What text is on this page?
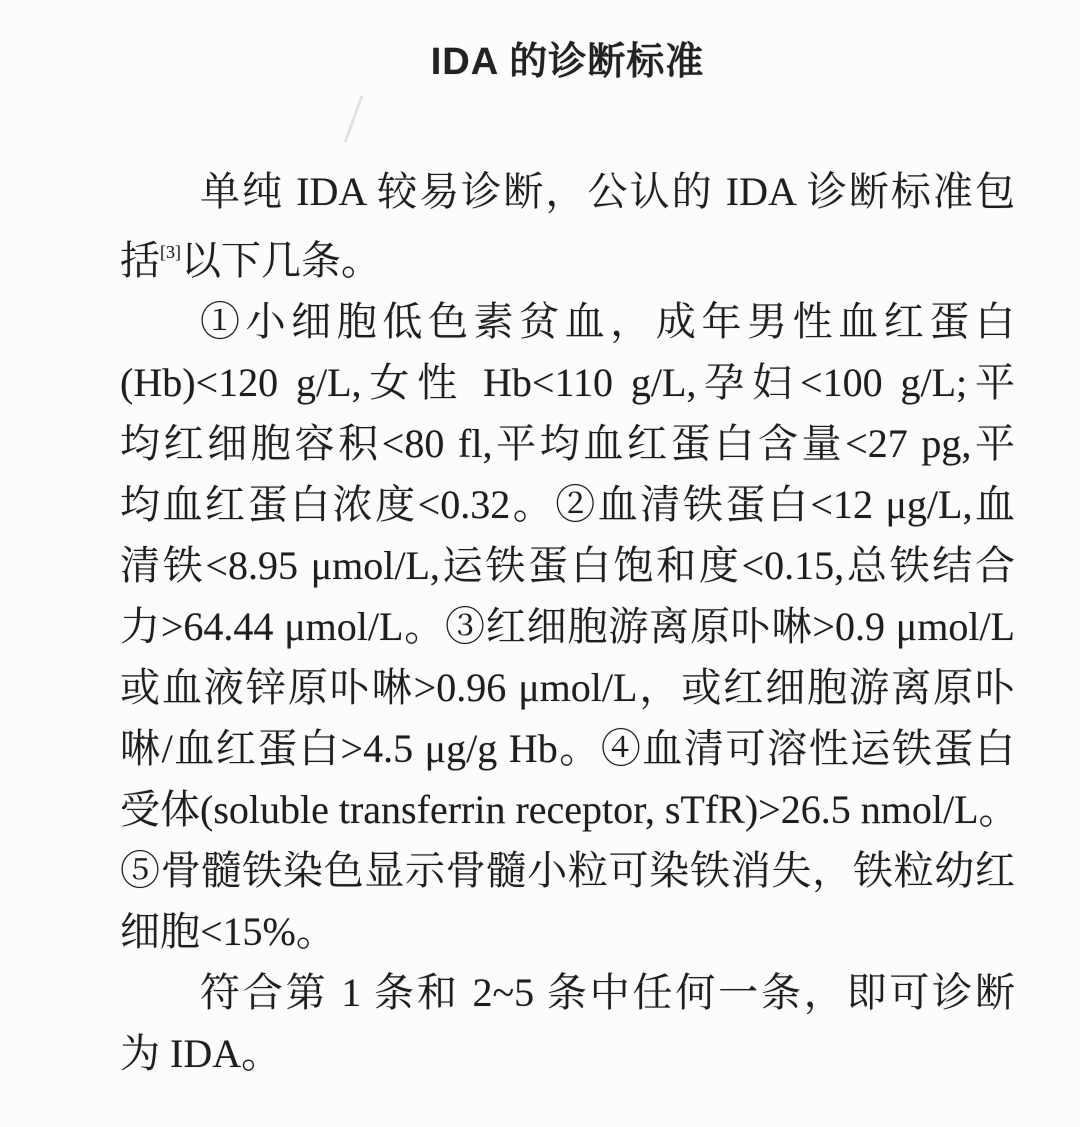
IDA 的诊断标准
单纯 IDA 较易诊断，公认的 IDA 诊断标准包
括[3]以下几条。
①小细胞低色素贫血，成年男性血红蛋白
(Hb)<120 g/L,女性 Hb<110 g/L,孕妇<100 g/L;平
均红细胞容积<80 fl,平均血红蛋白含量<27 pg,平
均血红蛋白浓度<0.32。②血清铁蛋白<12 μg/L,血
清铁<8.95 μmol/L,运铁蛋白饱和度<0.15,总铁结合
力>64.44 μmol/L。③红细胞游离原卟啉>0.9 μmol/L
或血液锌原卟啉>0.96 μmol/L，或红细胞游离原卟
啉/血红蛋白>4.5 μg/g Hb。④血清可溶性运铁蛋白
受体(soluble transferrin receptor, sTfR)>26.5 nmol/L。
⑤骨髓铁染色显示骨髓小粒可染铁消失，铁粒幼红
细胞<15%。
符合第 1 条和 2~5 条中任何一条，即可诊断
为 IDA。
